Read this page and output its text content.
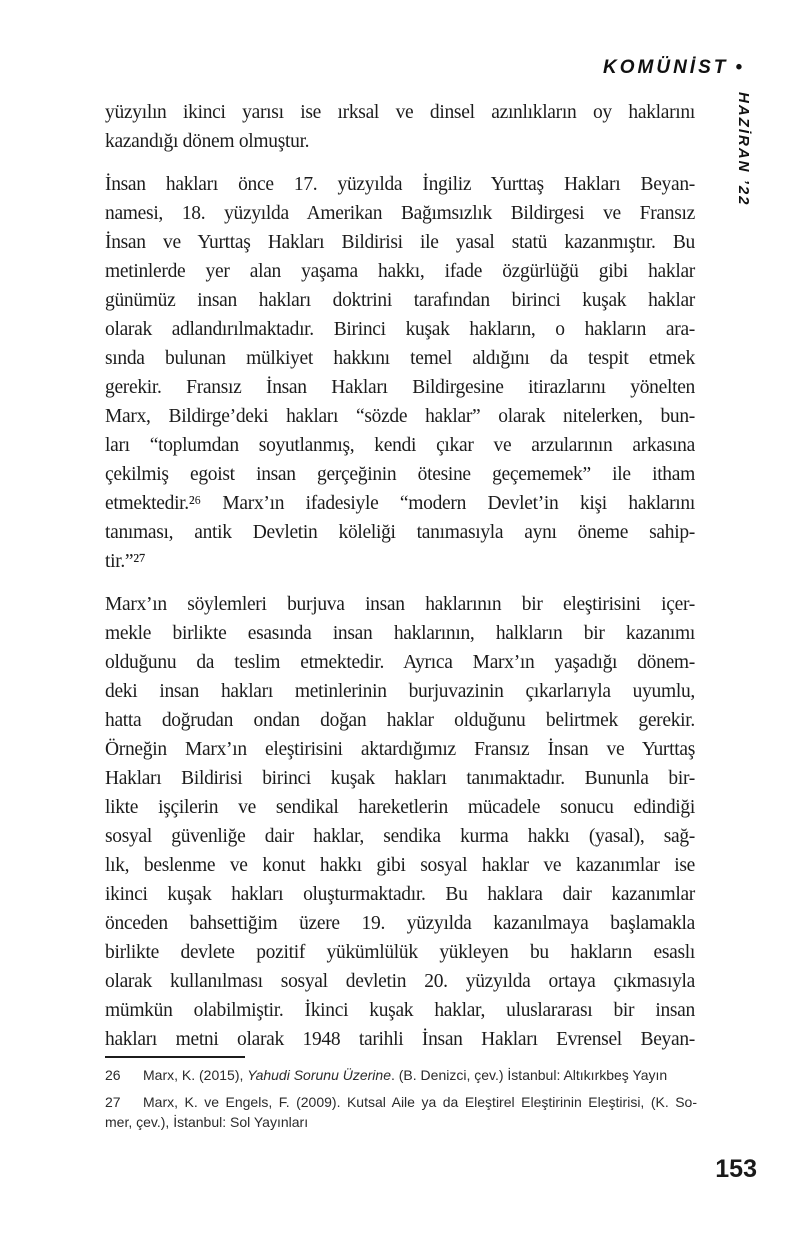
KOMÜNİST •
HAZİRAN ’22

yüzyılın ikinci yarısı ise ırksal ve dinsel azınlıkların oy haklarını
kazandığı dönem olmuştur.

İnsan hakları önce 17. yüzyılda İngiliz Yurttaş Hakları Beyan-
namesi, 18. yüzyılda Amerikan Bağımsızlık Bildirgesi ve Fransız
İnsan ve Yurttaş Hakları Bildirisi ile yasal statü kazanmıştır. Bu
metinlerde yer alan yaşama hakkı, ifade özgürlüğü gibi haklar
günümüz insan hakları doktrini tarafından birinci kuşak haklar
olarak adlandırılmaktadır. Birinci kuşak hakların, o hakların ara-
sında bulunan mülkiyet hakkını temel aldığını da tespit etmek
gerekir. Fransız İnsan Hakları Bildirgesine itirazlarını yönelten
Marx, Bildirge’deki hakları “sözde haklar” olarak nitelerken, bun-
ları “toplumdan soyutlanmış, kendi çıkar ve arzularının arkasına
çekilmiş egoist insan gerçeğinin ötesine geçememek” ile itham
etmektedir.²⁶ Marx’ın ifadesiyle “modern Devlet’in kişi haklarını
tanıması, antik Devletin köleliği tanımasıyla aynı öneme sahip-
tir.”²⁷

Marx’ın söylemleri burjuva insan haklarının bir eleştirisini içer-
mekle birlikte esasında insan haklarının, halkların bir kazanımı
olduğunu da teslim etmektedir. Ayrıca Marx’ın yaşadığı dönem-
deki insan hakları metinlerinin burjuvazinin çıkarlarıyla uyumlu,
hatta doğrudan ondan doğan haklar olduğunu belirtmek gerekir.
Örneğin Marx’ın eleştirisini aktardığımız Fransız İnsan ve Yurttaş
Hakları Bildirisi birinci kuşak hakları tanımaktadır. Bununla bir-
likte işçilerin ve sendikal hareketlerin mücadele sonucu edindiği
sosyal güvenliğe dair haklar, sendika kurma hakkı (yasal), sağ-
lık, beslenme ve konut hakkı gibi sosyal haklar ve kazanımlar ise
ikinci kuşak hakları oluşturmaktadır. Bu haklara dair kazanımlar
önceden bahsettiğim üzere 19. yüzyılda kazanılmaya başlamakla
birlikte devlete pozitif yükümlülük yükleyen bu hakların esaslı
olarak kullanılması sosyal devletin 20. yüzyılda ortaya çıkmasıyla
mümkün olabilmiştir. İkinci kuşak haklar, uluslararası bir insan
hakları metni olarak 1948 tarihli İnsan Hakları Evrensel Beyan-

26 Marx, K. (2015), Yahudi Sorunu Üzerine. (B. Denizci, çev.) İstanbul: Altıkırkbeş Yayın

27 Marx, K. ve Engels, F. (2009). Kutsal Aile ya da Eleştirel Eleştirinin Eleştirisi, (K. So-
mer, çev.), İstanbul: Sol Yayınları

153
